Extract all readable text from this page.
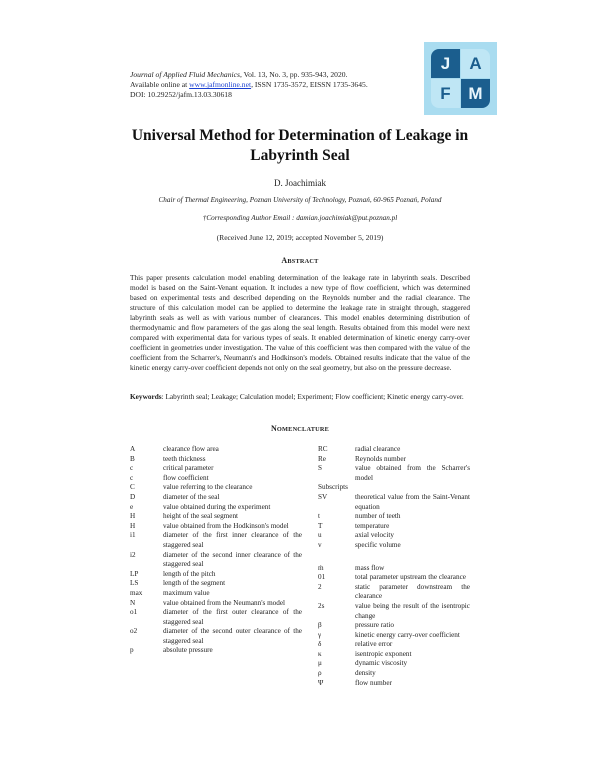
Journal of Applied Fluid Mechanics, Vol. 13, No. 3, pp. 935-943, 2020.
Available online at www.jafmonline.net, ISSN 1735-3572, EISSN 1735-3645.
DOI: 10.29252/jafm.13.03.30618
J	A
F	M
Universal Method for Determination of Leakage in Labyrinth Seal
D. Joachimiak
Chair of Thermal Engineering, Poznan University of Technology, Poznań, 60-965 Poznań, Poland
†Corresponding Author Email : damian.joachimiak@put.poznan.pl
(Received June 12, 2019; accepted November 5, 2019)
ABSTRACT
This paper presents calculation model enabling determination of the leakage rate in labyrinth seals. Described model is based on the Saint-Venant equation. It includes a new type of flow coefficient, which was determined based on experimental tests and described depending on the Reynolds number and the radial clearance. The structure of this calculation model can be applied to determine the leakage rate in straight through, staggered labyrinth seals as well as with various number of clearances. This model enables determining distribution of thermodynamic and flow parameters of the gas along the seal length. Results obtained from this model were next compared with experimental data for various types of seals. It enabled determination of kinetic energy carry-over coefficient in geometries under investigation. The value of this coefficient was then compared with the value of the coefficient from the Scharrer's, Neumann's and Hodkinson's models. Obtained results indicate that the value of the kinetic energy carry-over coefficient depends not only on the seal geometry, but also on the pressure decrease.
Keywords: Labyrinth seal; Leakage; Calculation model; Experiment; Flow coefficient; Kinetic energy carry-over.
NOMENCLATURE
A	clearance flow area
B	teeth thickness
c	critical parameter
c	flow coefficient
C	value referring to the clearance
D	diameter of the seal
e	value obtained during the experiment
H	height of the seal segment
H	value obtained from the Hodkinson's model
i1	diameter of the first inner clearance of the staggered seal
i2	diameter of the second inner clearance of the staggered seal
LP	length of the pitch
LS	length of the segment
max	maximum value
N	value obtained from the Neumann's model
o1	diameter of the first outer clearance of the staggered seal
o2	diameter of the second outer clearance of the staggered seal
p	absolute pressure
RC	radial clearance
Re	Reynolds number
S	value obtained from the Scharrer's model
Subscripts
SV	theoretical value from the Saint-Venant equation
t	number of teeth
T	temperature
u	axial velocity
v	specific volume
ṁ	mass flow
01	total parameter upstream the clearance
2	static parameter downstream the clearance
2s	value being the result of the isentropic change
β	pressure ratio
γ	kinetic energy carry-over coefficient
δ	relative error
κ	isentropic exponent
μ	dynamic viscosity
ρ	density
Ψ	flow number
